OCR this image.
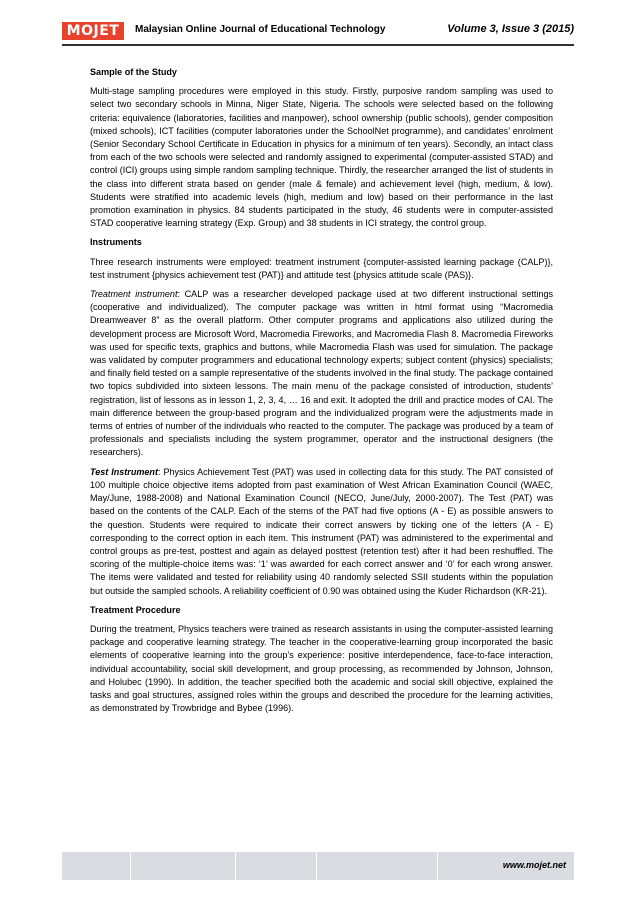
MOJET	Malaysian Online Journal of Educational Technology	Volume 3, Issue 3 (2015)

Sample of the Study

Multi-stage sampling procedures were employed in this study. Firstly, purposive random sampling was used to select two secondary schools in Minna, Niger State, Nigeria. The schools were selected based on the following criteria: equivalence (laboratories, facilities and manpower), school ownership (public schools), gender composition (mixed schools), ICT facilities (computer laboratories under the SchoolNet programme), and candidates’ enrolment (Senior Secondary School Certificate in Education in physics for a minimum of ten years). Secondly, an intact class from each of the two schools were selected and randomly assigned to experimental (computer-assisted STAD) and control (ICI) groups using simple random sampling technique. Thirdly, the researcher arranged the list of students in the class into different strata based on gender (male & female) and achievement level (high, medium, & low). Students were stratified into academic levels (high, medium and low) based on their performance in the last promotion examination in physics. 84 students participated in the study, 46 students were in computer-assisted STAD cooperative learning strategy (Exp. Group) and 38 students in ICI strategy, the control group.

Instruments

Three research instruments were employed: treatment instrument {computer-assisted learning package (CALP)}, test instrument {physics achievement test (PAT)} and attitude test {physics attitude scale (PAS)}.

Treatment instrument: CALP was a researcher developed package used at two different instructional settings (cooperative and individualized). The computer package was written in html format using “Macromedia Dreamweaver 8” as the overall platform. Other computer programs and applications also utilized during the development process are Microsoft Word, Macromedia Fireworks, and Macromedia Flash 8. Macromedia Fireworks was used for specific texts, graphics and buttons, while Macromedia Flash was used for simulation. The package was validated by computer programmers and educational technology experts; subject content (physics) specialists; and finally field tested on a sample representative of the students involved in the final study. The package contained two topics subdivided into sixteen lessons. The main menu of the package consisted of introduction, students’ registration, list of lessons as in lesson 1, 2, 3, 4, … 16 and exit. It adopted the drill and practice modes of CAI. The main difference between the group-based program and the individualized program were the adjustments made in terms of entries of number of the individuals who reacted to the computer. The package was produced by a team of professionals and specialists including the system programmer, operator and the instructional designers (the researchers).

Test Instrument: Physics Achievement Test (PAT) was used in collecting data for this study. The PAT consisted of 100 multiple choice objective items adopted from past examination of West African Examination Council (WAEC, May/June, 1988-2008) and National Examination Council (NECO, June/July, 2000-2007). The Test (PAT) was based on the contents of the CALP. Each of the stems of the PAT had five options (A - E) as possible answers to the question. Students were required to indicate their correct answers by ticking one of the letters (A - E) corresponding to the correct option in each item. This instrument (PAT) was administered to the experimental and control groups as pre-test, posttest and again as delayed posttest (retention test) after it had been reshuffled. The scoring of the multiple-choice items was: ‘1’ was awarded for each correct answer and ‘0’ for each wrong answer. The items were validated and tested for reliability using 40 randomly selected SSII students within the population but outside the sampled schools. A reliability coefficient of 0.90 was obtained using the Kuder Richardson (KR-21).

Treatment Procedure

During the treatment, Physics teachers were trained as research assistants in using the computer-assisted learning package and cooperative learning strategy. The teacher in the cooperative-learning group incorporated the basic elements of cooperative learning into the group’s experience: positive interdependence, face-to-face interaction, individual accountability, social skill development, and group processing, as recommended by Johnson, Johnson, and Holubec (1990). In addition, the teacher specified both the academic and social skill objective, explained the tasks and goal structures, assigned roles within the groups and described the procedure for the learning activities, as demonstrated by Trowbridge and Bybee (1996).

www.mojet.net
